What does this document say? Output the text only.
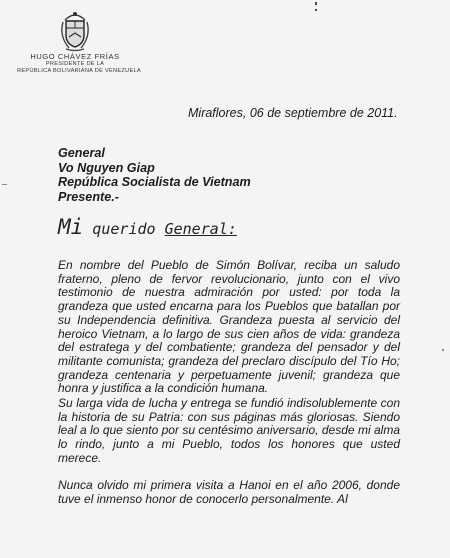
HUGO CHÁVEZ FRÍAS
PRESIDENTE DE LA
REPÚBLICA BOLIVARIANA DE VENEZUELA
Miraflores, 06 de septiembre de 2011.
General
Vo Nguyen Giap
República Socialista de Vietnam
Presente.-
Mi querido General:
En nombre del Pueblo de Simón Bolívar, reciba un saludo fraterno, pleno de fervor revolucionario, junto con el vivo testimonio de nuestra admiración por usted: por toda la grandeza que usted encarna para los Pueblos que batallan por su Independencia definitiva. Grandeza puesta al servicio del heroico Vietnam, a lo largo de sus cien años de vida: grandeza del estratega y del combatiente; grandeza del pensador y del militante comunista; grandeza del preclaro discípulo del Tío Ho; grandeza centenaria y perpetuamente juvenil; grandeza que honra y justifica a la condición humana.
Su larga vida de lucha y entrega se fundió indisolublemente con la historia de su Patria: con sus páginas más gloriosas. Siendo leal a lo que siento por su centésimo aniversario, desde mi alma lo rindo, junto a mi Pueblo, todos los honores que usted merece.
Nunca olvido mi primera visita a Hanoi en el año 2006, donde tuve el inmenso honor de conocerlo personalmente. Al
